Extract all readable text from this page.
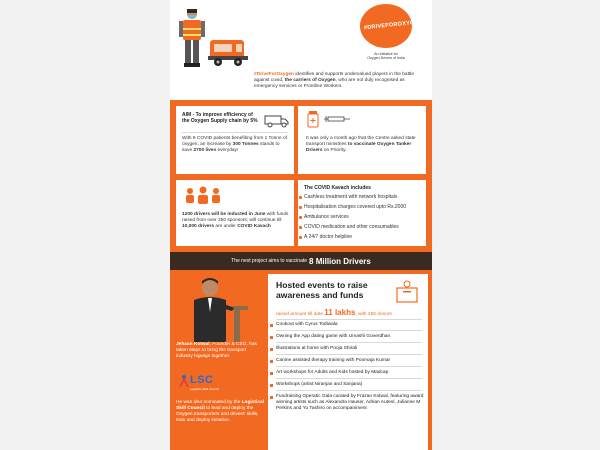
#DRIVEFOROXYGEN
An Initiative for
Oxygen Drivers of India
#DriveForOxygen identifies and supports undervalued players in the battle against covid, the carriers of Oxygen, who are not duly recognised as emergency services or Frontline Workers.
AIM - To improve efficiency of the Oxygen Supply chain by 5%
With 9 COVID patients benefiting from 1 Tonne of oxygen, an increase by 300 Tonnes stands to save 2700 lives everyday!
It was only a month ago that the Centre asked state transport ministries to vaccinate Oxygen Tanker Drivers on Priority.
1200 drivers will be inducted in June with funds raised from over 250 sponsors; will continue till 10,000 drivers are under COVID Kavach
The COVID Kavach includes
Cashless treatment with network hospitals
Hospitalisation charges covered upto Rs.2000
Ambulance services
COVID medication and other consumables
A 24/7 doctor helpline
The next project aims to vaccinate 8 Million Drivers
Jehaan Kotwal, Founder & CEO, has taken steps to bring the transport industry bigwigs together.
LSC
Logistics Skill Council
He was also nominated by the Logistical Skill Council to lead and deploy the Oxygen transporters and drivers' skills, train and deploy initiative.
Hosted events to raise
awareness and funds
raised amount till date 11 lakhs, with 250 donors
Cookout with Cyrus Todiwala
Owning the App dating game with Urvashi Goverdhan
Illustrations at home with Pooja Shirali
Canine assisted therapy training with Poorvaja Kumar
Art workshops for Adults and Kids hosted by Madcap
Workshops (artist Niranjan and Sanjana)
Fundraising Operatic Gala curated by Frazan Kotwal, featuring award winning artists such as Alexandra Hauser, Adrian Autenl, Julianne M Perkins and Yu Tashiro on accompaniment
